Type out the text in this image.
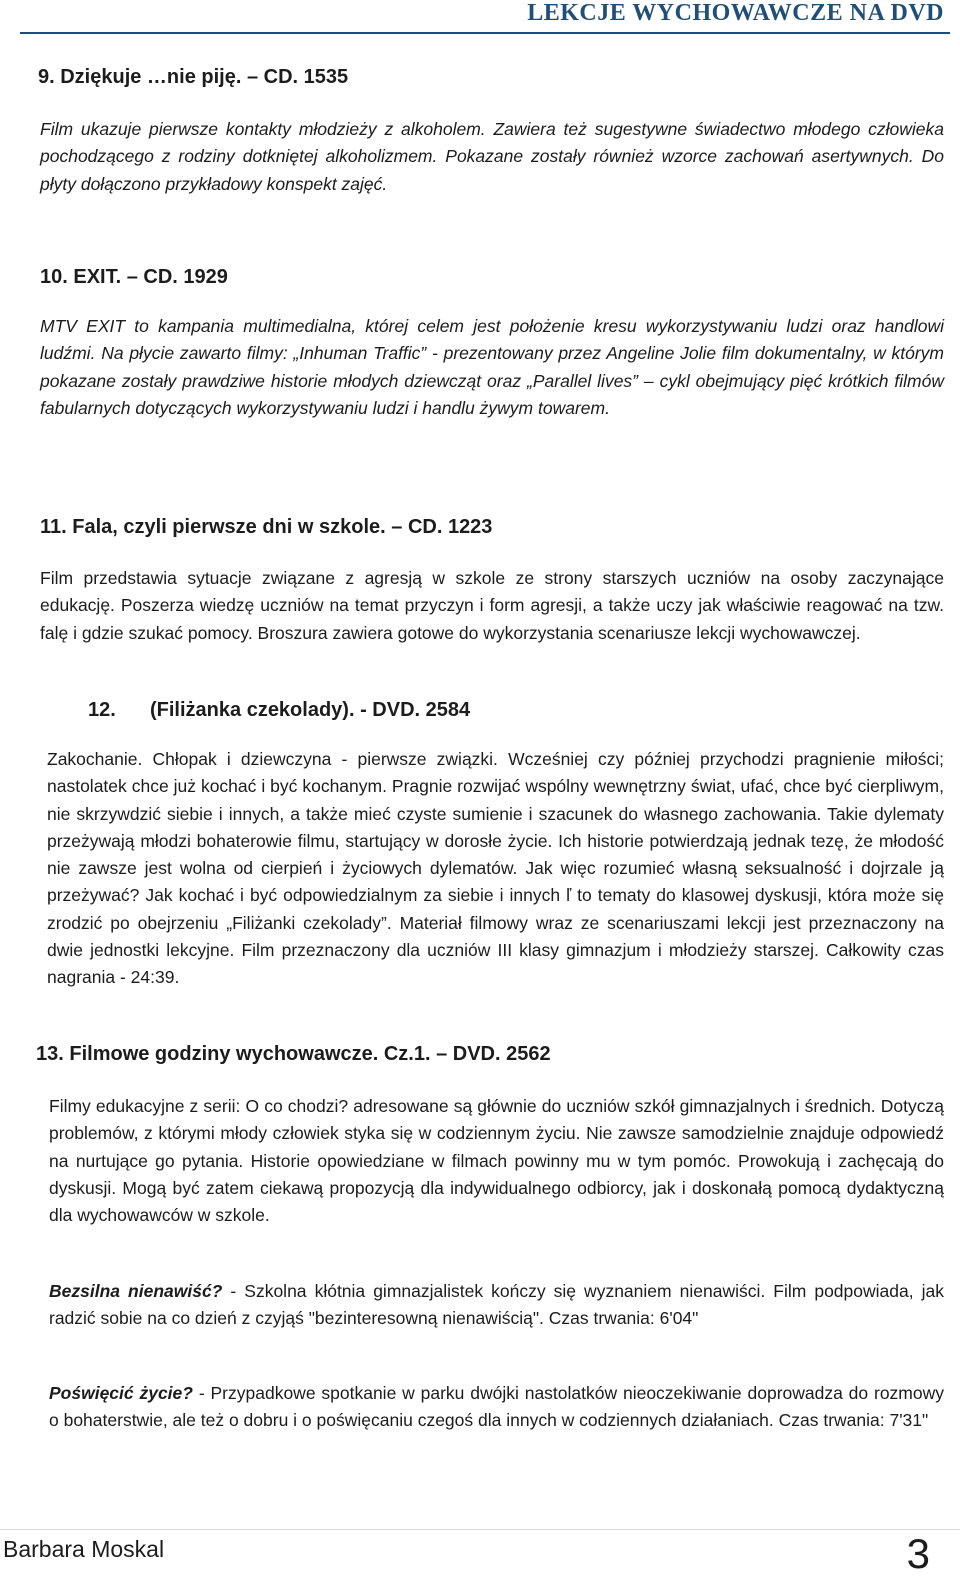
LEKCJE WYCHOWAWCZE NA DVD
9. Dziękuje …nie piję. – CD. 1535

Film ukazuje pierwsze kontakty młodzieży z alkoholem. Zawiera też sugestywne świadectwo młodego człowieka pochodzącego z rodziny dotkniętej alkoholizmem. Pokazane zostały również wzorce zachowań asertywnych. Do płyty dołączono przykładowy konspekt zajęć.

10. EXIT. – CD. 1929

MTV EXIT to kampania multimedialna, której celem jest położenie kresu wykorzystywaniu ludzi oraz handlowi ludźmi. Na płycie zawarto filmy: „Inhuman Traffic” - prezentowany przez Angeline Jolie film dokumentalny, w którym pokazane zostały prawdziwe historie młodych dziewcząt oraz „Parallel lives” – cykl obejmujący pięć krótkich filmów fabularnych dotyczących wykorzystywaniu ludzi i handlu żywym towarem.

11. Fala, czyli pierwsze dni w szkole. – CD. 1223

Film przedstawia sytuacje związane z agresją w szkole ze strony starszych uczniów na osoby zaczynające edukację. Poszerza wiedzę uczniów na temat przyczyn i form agresji, a także uczy jak właściwie reagować na tzw. falę i gdzie szukać pomocy. Broszura zawiera gotowe do wykorzystania scenariusze lekcji wychowawczej.

12. (Filiżanka czekolady). - DVD. 2584

Zakochanie. Chłopak i dziewczyna - pierwsze związki. Wcześniej czy później przychodzi pragnienie miłości; nastolatek chce już kochać i być kochanym. Pragnie rozwijać wspólny wewnętrzny świat, ufać, chce być cierpliwym, nie skrzywdzić siebie i innych, a także mieć czyste sumienie i szacunek do własnego zachowania. Takie dylematy przeżywają młodzi bohaterowie filmu, startujący w dorosłe życie. Ich historie potwierdzają jednak tezę, że młodość nie zawsze jest wolna od cierpień i życiowych dylematów. Jak więc rozumieć własną seksualność i dojrzale ją przeżywać? Jak kochać i być odpowiedzialnym za siebie i innych ľ to tematy do klasowej dyskusji, która może się zrodzić po obejrzeniu „Filiżanki czekolady”. Materiał filmowy wraz ze scenariuszami lekcji jest przeznaczony na dwie jednostki lekcyjne. Film przeznaczony dla uczniów III klasy gimnazjum i młodzieży starszej. Całkowity czas nagrania - 24:39.

13. Filmowe godziny wychowawcze. Cz.1. – DVD. 2562

Filmy edukacyjne z serii: O co chodzi? adresowane są głównie do uczniów szkół gimnazjalnych i średnich. Dotyczą problemów, z którymi młody człowiek styka się w codziennym życiu. Nie zawsze samodzielnie znajduje odpowiedź na nurtujące go pytania. Historie opowiedziane w filmach powinny mu w tym pomóc. Prowokują i zachęcają do dyskusji. Mogą być zatem ciekawą propozycją dla indywidualnego odbiorcy, jak i doskonałą pomocą dydaktyczną dla wychowawców w szkole.

Bezsilna nienawiść? - Szkolna kłótnia gimnazjalistek kończy się wyznaniem nienawiści. Film podpowiada, jak radzić sobie na co dzień z czyjąś "bezinteresowną nienawiścią". Czas trwania: 6'04"

Poświęcić życie? - Przypadkowe spotkanie w parku dwójki nastolatków nieoczekiwanie doprowadza do rozmowy o bohaterstwie, ale też o dobru i o poświęcaniu czegoś dla innych w codziennych działaniach. Czas trwania: 7'31"

Barbara Moskal	3
